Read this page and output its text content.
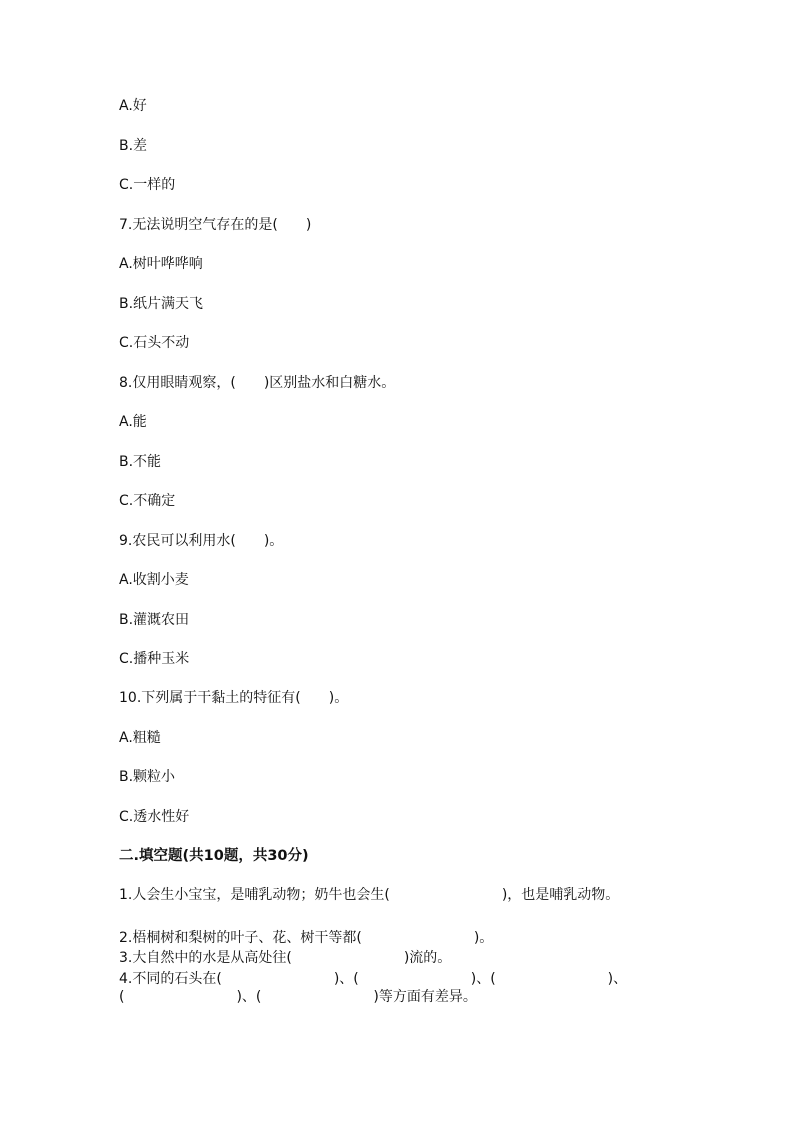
A.好
B.差
C.一样的
7.无法说明空气存在的是(　　)
A.树叶哗哗响
B.纸片满天飞
C.石头不动
8.仅用眼睛观察，(　　)区别盐水和白糖水。
A.能
B.不能
C.不确定
9.农民可以利用水(　　)。
A.收割小麦
B.灌溉农田
C.播种玉米
10.下列属于干黏土的特征有(　　)。
A.粗糙
B.颗粒小
C.透水性好
二.填空题(共10题，共30分)
1.人会生小宝宝，是哺乳动物；奶牛也会生(　　　　　　　　)，也是哺乳动物。
2.梧桐树和梨树的叶子、花、树干等都(　　　　　　　　)。
3.大自然中的水是从高处往(　　　　　　　　)流的。
4.不同的石头在(　　　　　　　　)、(　　　　　　　　)、(　　　　　　　　)、(　　　　　　　　)、(　　　　　　　　)等方面有差异。
